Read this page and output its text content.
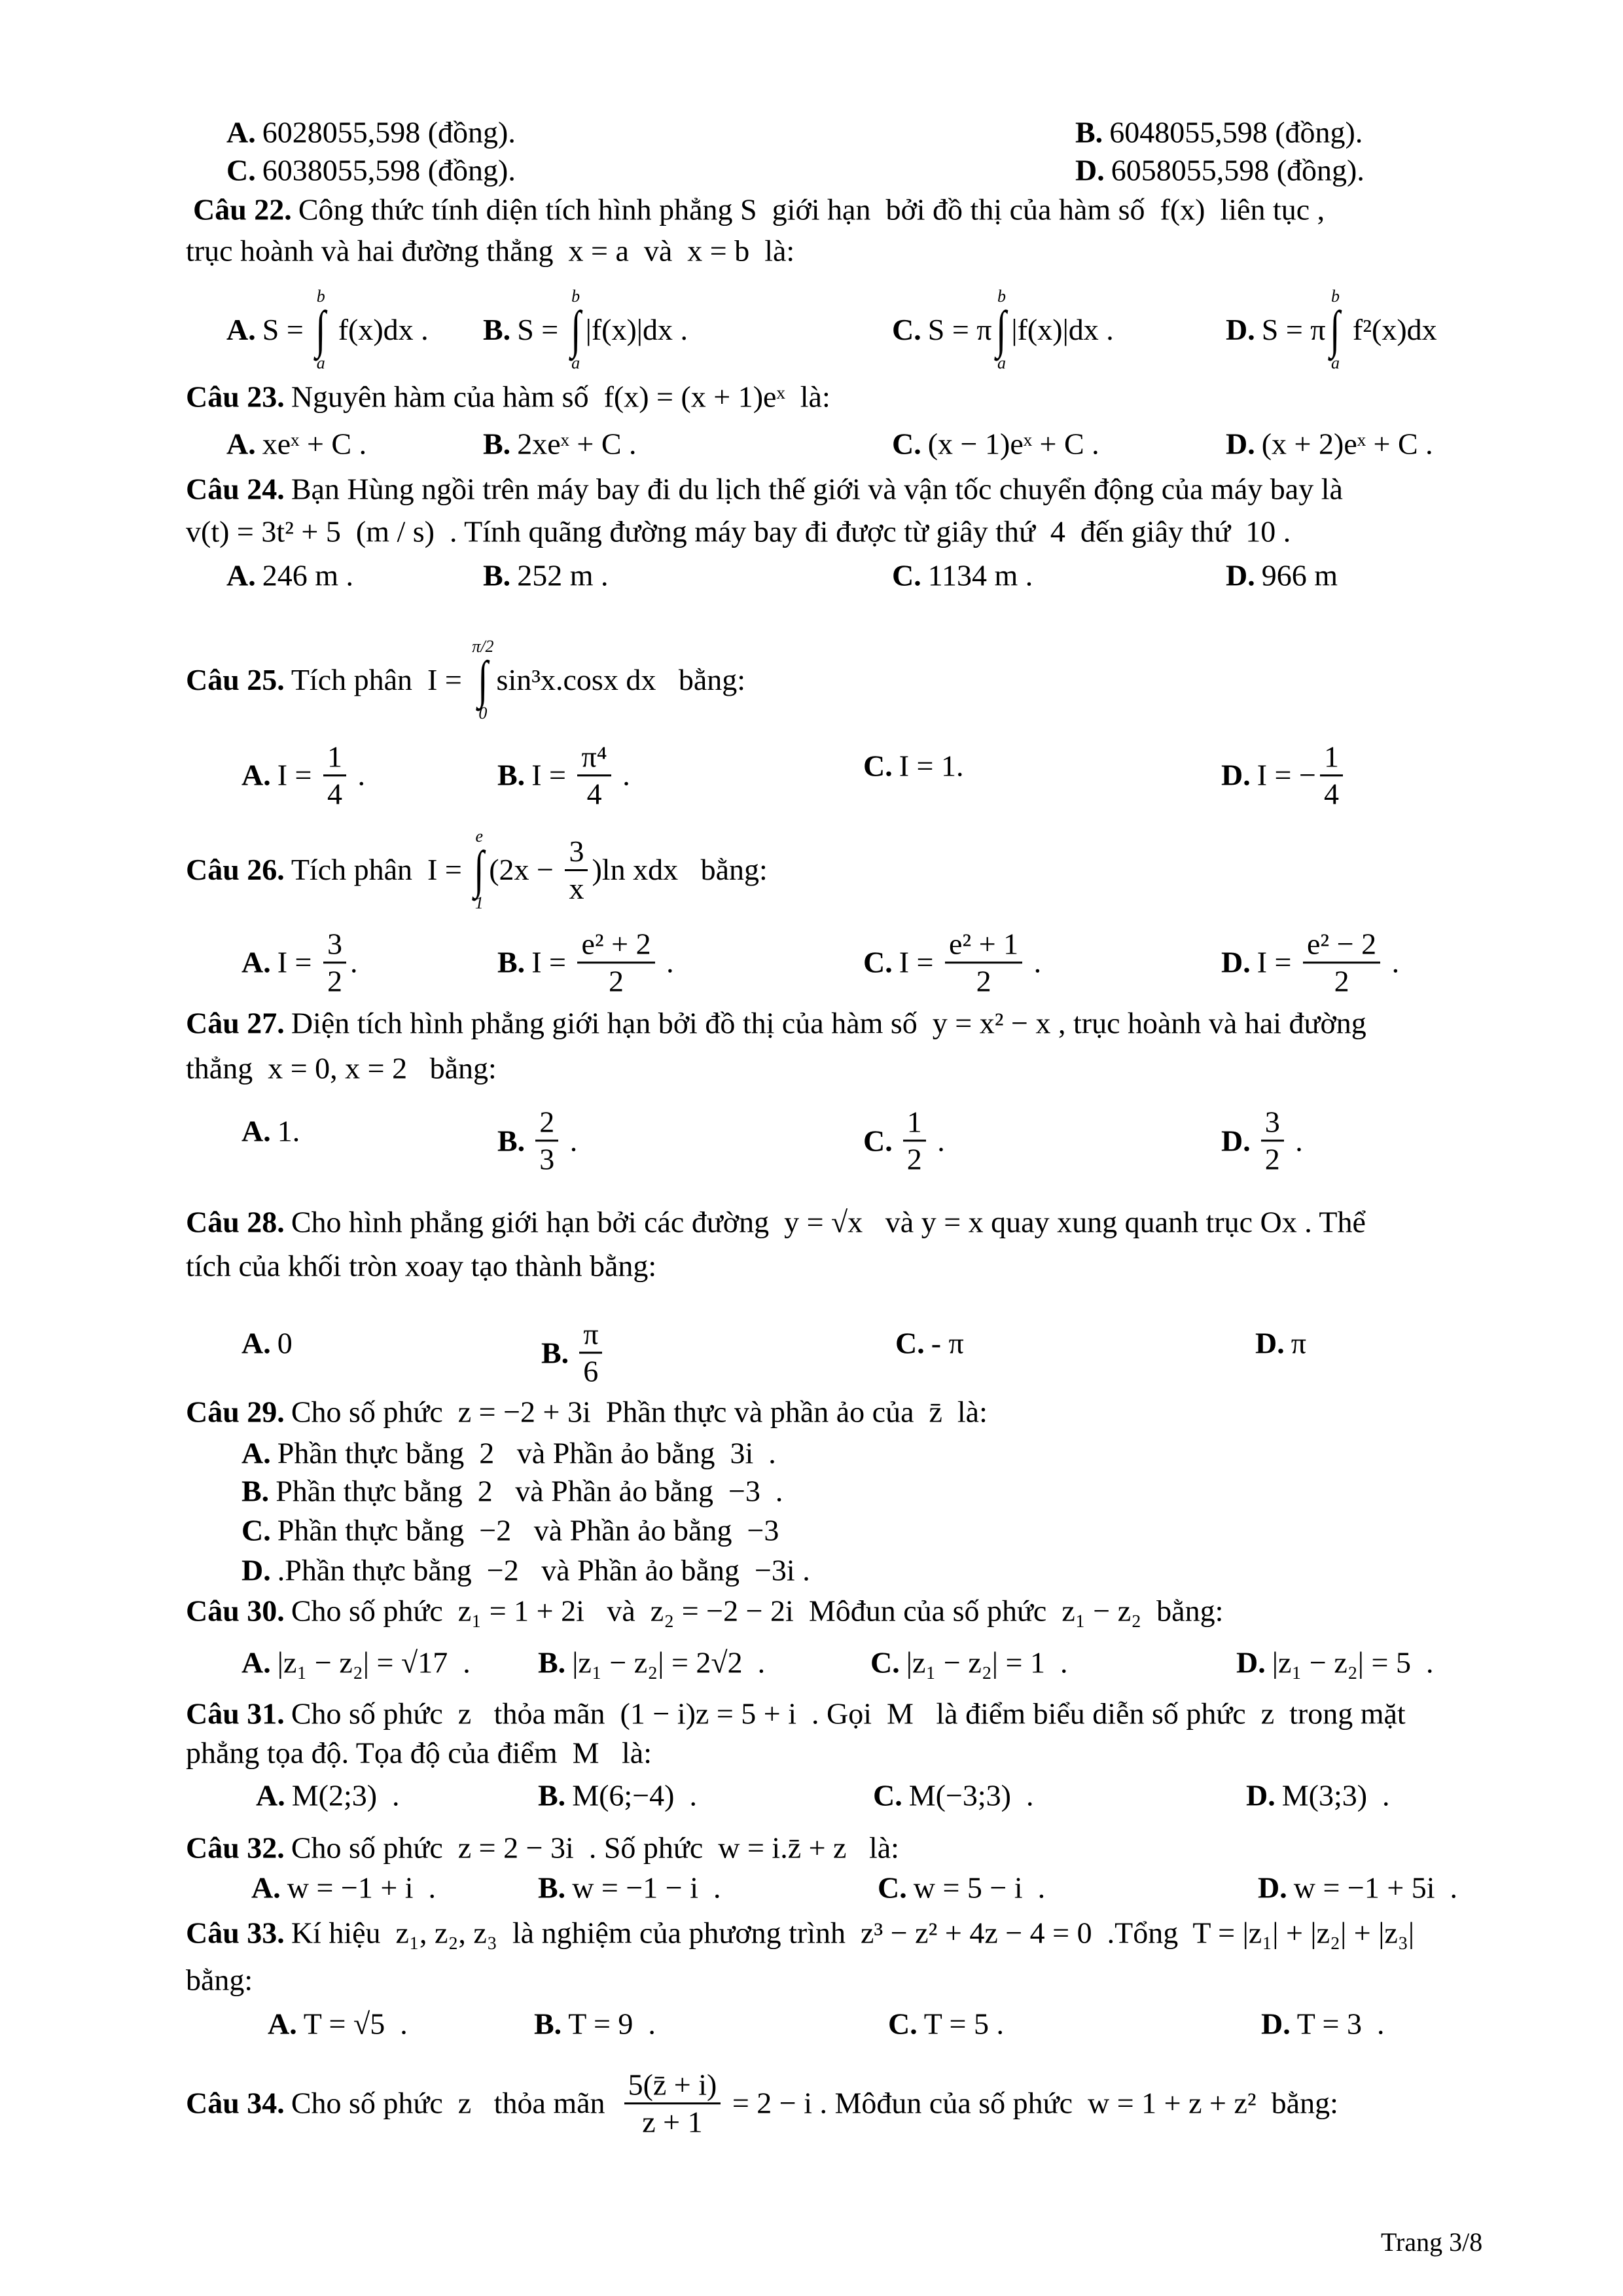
A. 6028055,598 (đồng).	B. 6048055,598 (đồng).
C. 6038055,598 (đồng).	D. 6058055,598 (đồng).
Câu 22. Công thức tính diện tích hình phẳng S  giới hạn  bởi đồ thị của hàm số  f(x)  liên tục ,
trục hoành và hai đường thẳng  x = a  và  x = b  là:
A. S =
b
∫
a
f(x)dx . B. S =
b
∫
a
|f(x)|dx .	C. S = π
b
∫
a
|f(x)|dx .	D. S = π
b
∫
a
f²(x)dx
Câu 23. Nguyên hàm của hàm số  f(x) = (x + 1)eˣ  là:
A. xeˣ + C .	B. 2xeˣ + C .	C. (x − 1)eˣ + C .	D. (x + 2)eˣ + C .
Câu 24. Bạn Hùng ngồi trên máy bay đi du lịch thế giới và vận tốc chuyển động của máy bay là
v(t) = 3t² + 5  (m / s)  . Tính quãng đường máy bay đi được từ giây thứ  4  đến giây thứ  10 .
A. 246 m .	B. 252 m .	C. 1134 m .	D. 966 m
Câu 25. Tích phân  I =
π/2
∫
0
sin³x.cosx dx   bằng:
A. $I = \frac{1}{4}$ .	B. $I = \frac{\text{π⁴}}{4}$ .	C. I = 1.	D. I = − $\frac{1}{4}$
Câu 26. Tích phân  I =
e
∫
1
$(2x - \frac{3}{x} )\ln$ xdx   bằng:
A. $I = \frac{3}{2}$ .	B. $I = \frac{\text{e² + 2}}{2}$ .	C. $I = \frac{\text{e² + 1}}{2}$ .	D. $I = \frac{\text{e² − 2}}{2}$ .
Câu 27. Diện tích hình phẳng giới hạn bởi đồ thị của hàm số  y = x² − x , trục hoành và hai đường
thẳng  x = 0, x = 2   bằng:
A. 1.	B. $\frac{2}{3}$ .	C. $\frac{1}{2}$ .	D. $\frac{3}{2}$ .
Câu 28. Cho hình phẳng giới hạn bởi các đường  y = √x   và y = x quay xung quanh trục Ox . Thể
tích của khối tròn xoay tạo thành bằng:
A. 0	B. $\frac{\pi}{6}$	C. - π	D. π
Câu 29. Cho số phức  z = −2 + 3i  Phần thực và phần ảo của  z̄  là:
A. Phần thực bằng  2   và Phần ảo bằng  3i  .
B. Phần thực bằng  2   và Phần ảo bằng  −3  .
C. Phần thực bằng  −2   và Phần ảo bằng  −3
D. .Phần thực bằng  −2   và Phần ảo bằng  −3i .
Câu 30. Cho số phức  z₁ = 1 + 2i   và  z₂ = −2 − 2i  Môđun của số phức  z₁ − z₂  bằng:
A. |z₁ − z₂| = √17  . B. |z₁ − z₂| = 2√2  .	C. |z₁ − z₂| = 1  .	D. |z₁ − z₂| = 5  .
Câu 31. Cho số phức  z   thỏa mãn  (1 − i)z = 5 + i  . Gọi  M   là điểm biểu diễn số phức  z  trong mặt
phẳng tọa độ. Tọa độ của điểm  M   là:
A. M(2;3)  .	B. M(6;−4)  .	C. M(−3;3)  .	D. M(3;3)  .
Câu 32. Cho số phức  z = 2 − 3i  . Số phức  w = i.z̄ + z   là:
A. w = −1 + i  .	B. w = −1 − i  .	C. w = 5 − i  .	D. w = −1 + 5i  .
Câu 33. Kí hiệu  z₁, z₂, z₃  là nghiệm của phương trình  z³ − z² + 4z − 4 = 0  .Tổng  T = |z₁| + |z₂| + |z₃|
bằng:
A. T = √5  .	B. T = 9  .	C. T = 5 .	D. T = 3  .
Câu 34. Cho số phức  z   thỏa mãn $\frac{5(z̄ + i)}{z + 1} = 2 - i$ . Môđun của số phức  w = 1 + z + z²  bằng:
Trang 3/8
